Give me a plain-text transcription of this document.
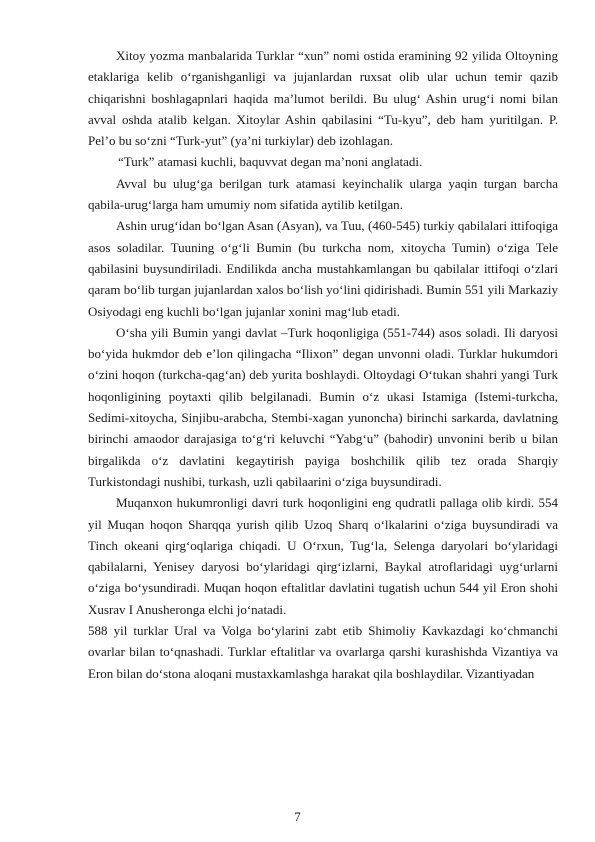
Xitoy yozma manbalarida Turklar “xun” nomi ostida eramining 92 yilida Oltoyning etaklariga kelib o‘rganishganligi va jujanlardan ruxsat olib ular uchun temir qazib chiqarishni boshlagapnlari haqida ma’lumot berildi. Bu ulug‘ Ashin urug‘i nomi bilan avval oshda atalib kelgan. Xitoylar Ashin qabilasini “Tu-kyu”, deb ham yuritilgan. P. Pel’o bu so‘zni “Turk-yut” (ya’ni turkiylar) deb izohlagan.

“Turk” atamasi kuchli, baquvvat degan ma’noni anglatadi.

Avval bu ulug‘ga berilgan turk atamasi keyinchalik ularga yaqin turgan barcha qabila-urug‘larga ham umumiy nom sifatida aytilib ketilgan.

Ashin urug‘idan bo‘lgan Asan (Asyan), va Tuu, (460-545) turkiy qabilalari ittifoqiga asos soladilar. Tuuning o‘g‘li Bumin (bu turkcha nom, xitoycha Tumin) o‘ziga Tele qabilasini buysundiriladi. Endilikda ancha mustahkamlangan bu qabilalar ittifoqi o‘zlari qaram bo‘lib turgan jujanlardan xalos bo‘lish yo‘lini qidirishadi. Bumin 551 yili Markaziy Osiyodagi eng kuchli bo‘lgan jujanlar xonini mag‘lub etadi.

O‘sha yili Bumin yangi davlat –Turk hoqonligiga (551-744) asos soladi. Ili daryosi bo‘yida hukmdor deb e’lon qilingacha “Ilixon” degan unvonni oladi. Turklar hukumdori o‘zini hoqon (turkcha-qag‘an) deb yurita boshlaydi. Oltoydagi O‘tukan shahri yangi Turk hoqonligining poytaxti qilib belgilanadi. Bumin o‘z ukasi Istamiga (Istemi-turkcha, Sedimi-xitoycha, Sinjibu-arabcha, Stembi-xagan yunoncha) birinchi sarkarda, davlatning birinchi amaodor darajasiga to‘g‘ri keluvchi “Yabg‘u” (bahodir) unvonini berib u bilan birgalikda o‘z davlatini kegaytirish payiga boshchilik qilib tez orada Sharqiy Turkistondagi nushibi, turkash, uzli qabilaarini o‘ziga buysundiradi.

Muqanxon hukumronligi davri turk hoqonligini eng qudratli pallaga olib kirdi. 554 yil Muqan hoqon Sharqqa yurish qilib Uzoq Sharq o‘lkalarini o‘ziga buysundiradi va Tinch okeani qirg‘oqlariga chiqadi. U O‘rxun, Tug‘la, Selenga daryolari bo‘ylaridagi qabilalarni, Yenisey daryosi bo‘ylaridagi qirg‘izlarni, Baykal atroflaridagi uyg‘urlarni o‘ziga bo‘ysundiradi. Muqan hoqon eftalitlar davlatini tugatish uchun 544 yil Eron shohi Xusrav I Anusheronga elchi jo‘natadi.

588 yil turklar Ural va Volga bo‘ylarini zabt etib Shimoliy Kavkazdagi ko‘chmanchi ovarlar bilan to‘qnashadi. Turklar eftalitlar va ovarlarga qarshi kurashishda Vizantiya va Eron bilan do‘stona aloqani mustaxkamlashga harakat qila boshlaydilar. Vizantiyadan

7
